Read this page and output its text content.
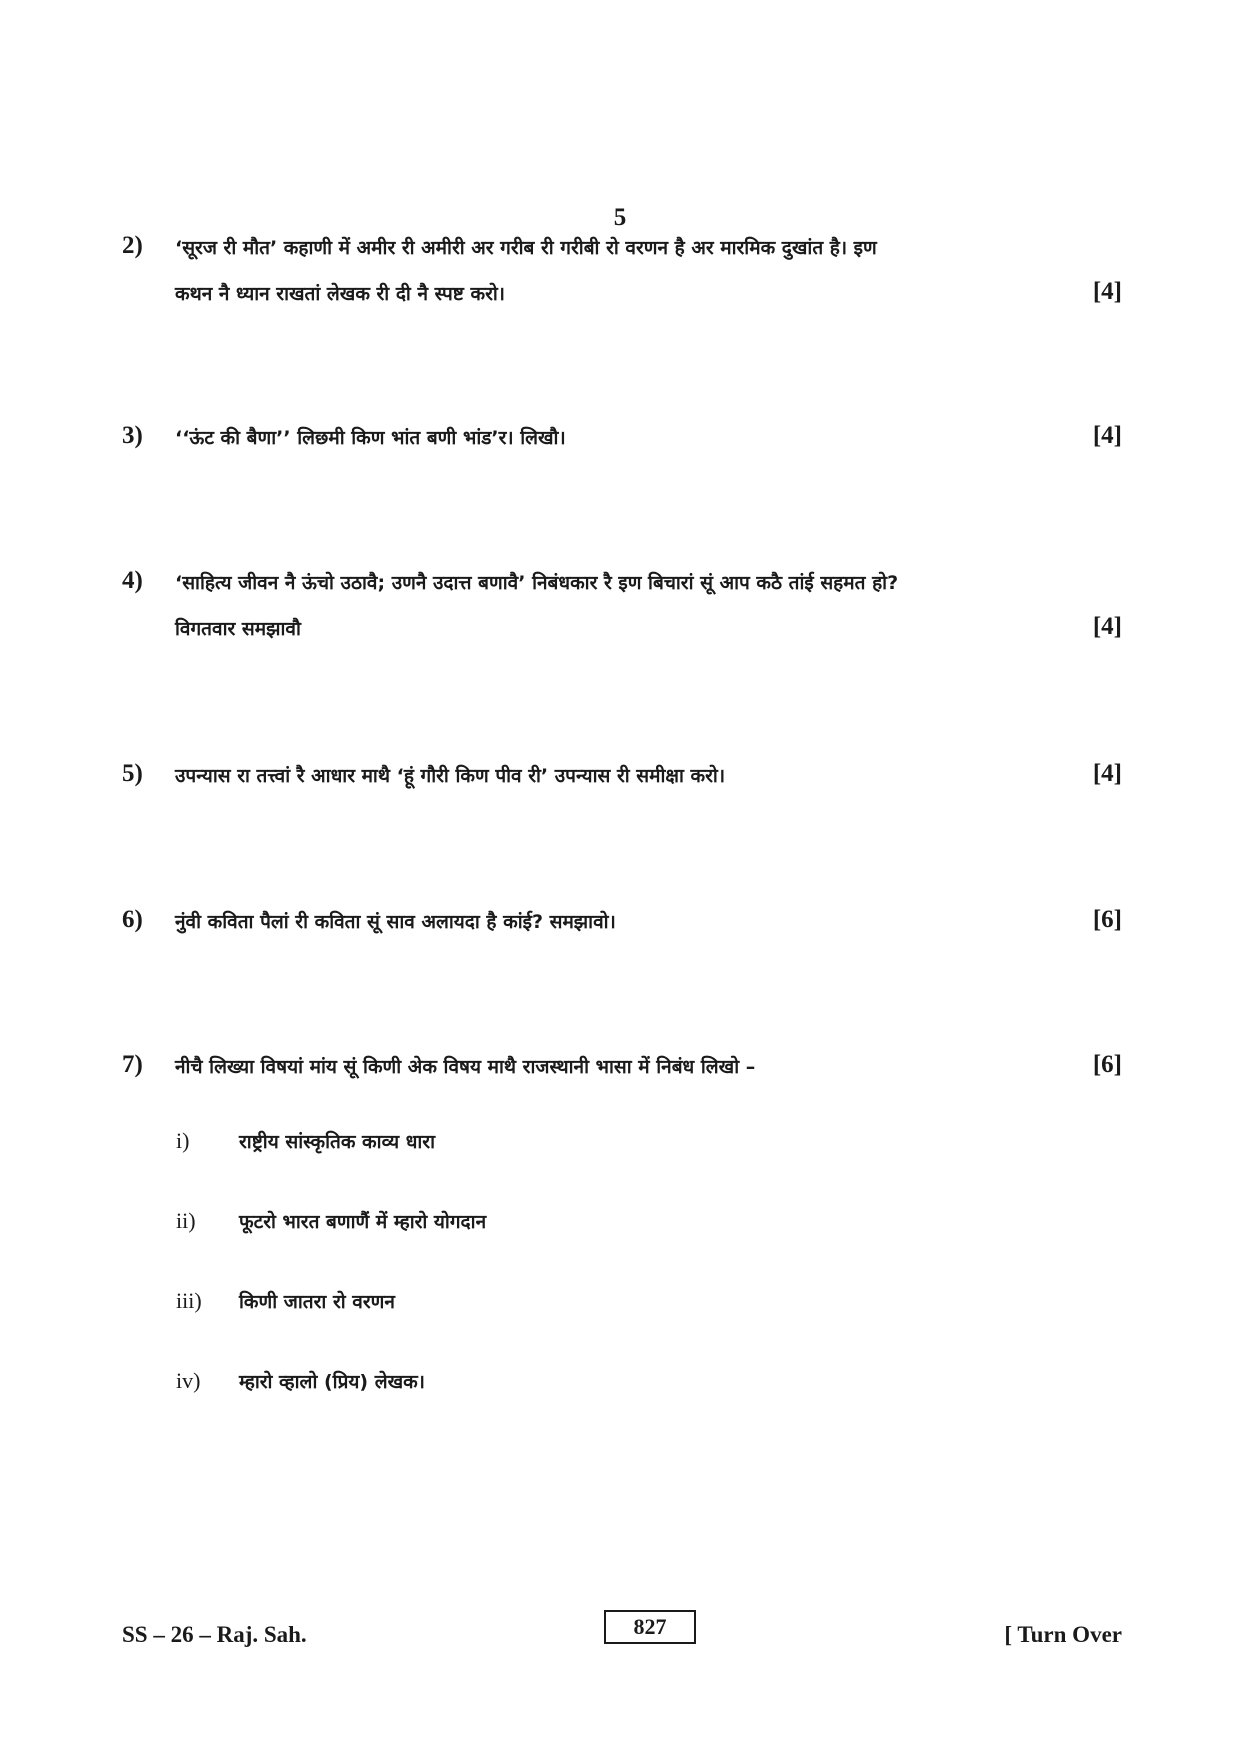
5
2) ‘सूरज री मौत’ कहाणी में अमीर री अमीरी अर गरीब री गरीबी रो वरणन है अर मारमिक दुखांत है। इण
कथन नै ध्यान राखतां लेखक री दी नै स्पष्ट करो।	[4]
3) ‘‘ऊंट की बैणा’’ लिछमी किण भांत बणी भांड’र। लिखौ।	[4]
4) ‘साहित्य जीवन नै ऊंचो उठावै; उणनै उदात्त बणावै’ निबंधकार रै इण बिचारां सूं आप कठै तांई सहमत हो?
विगतवार समझावौ	[4]
5) उपन्यास रा तत्त्वां रै आधार माथै ‘हूं गौरी किण पीव री’ उपन्यास री समीक्षा करो।	[4]
6) नुंवी कविता पैलां री कविता सूं साव अलायदा है कांई? समझावो।	[6]
7) नीचै लिख्या विषयां मांय सूं किणी अेक विषय माथै राजस्थानी भासा में निबंध लिखो –	[6]
i)	राष्ट्रीय सांस्कृतिक काव्य धारा
ii) फूटरो भारत बणाणैं में म्हारो योगदान
iii) किणी जातरा रो वरणन
iv) म्हारो व्हालो (प्रिय) लेखक।
SS – 26 – Raj. Sah.	827	[ Turn Over
